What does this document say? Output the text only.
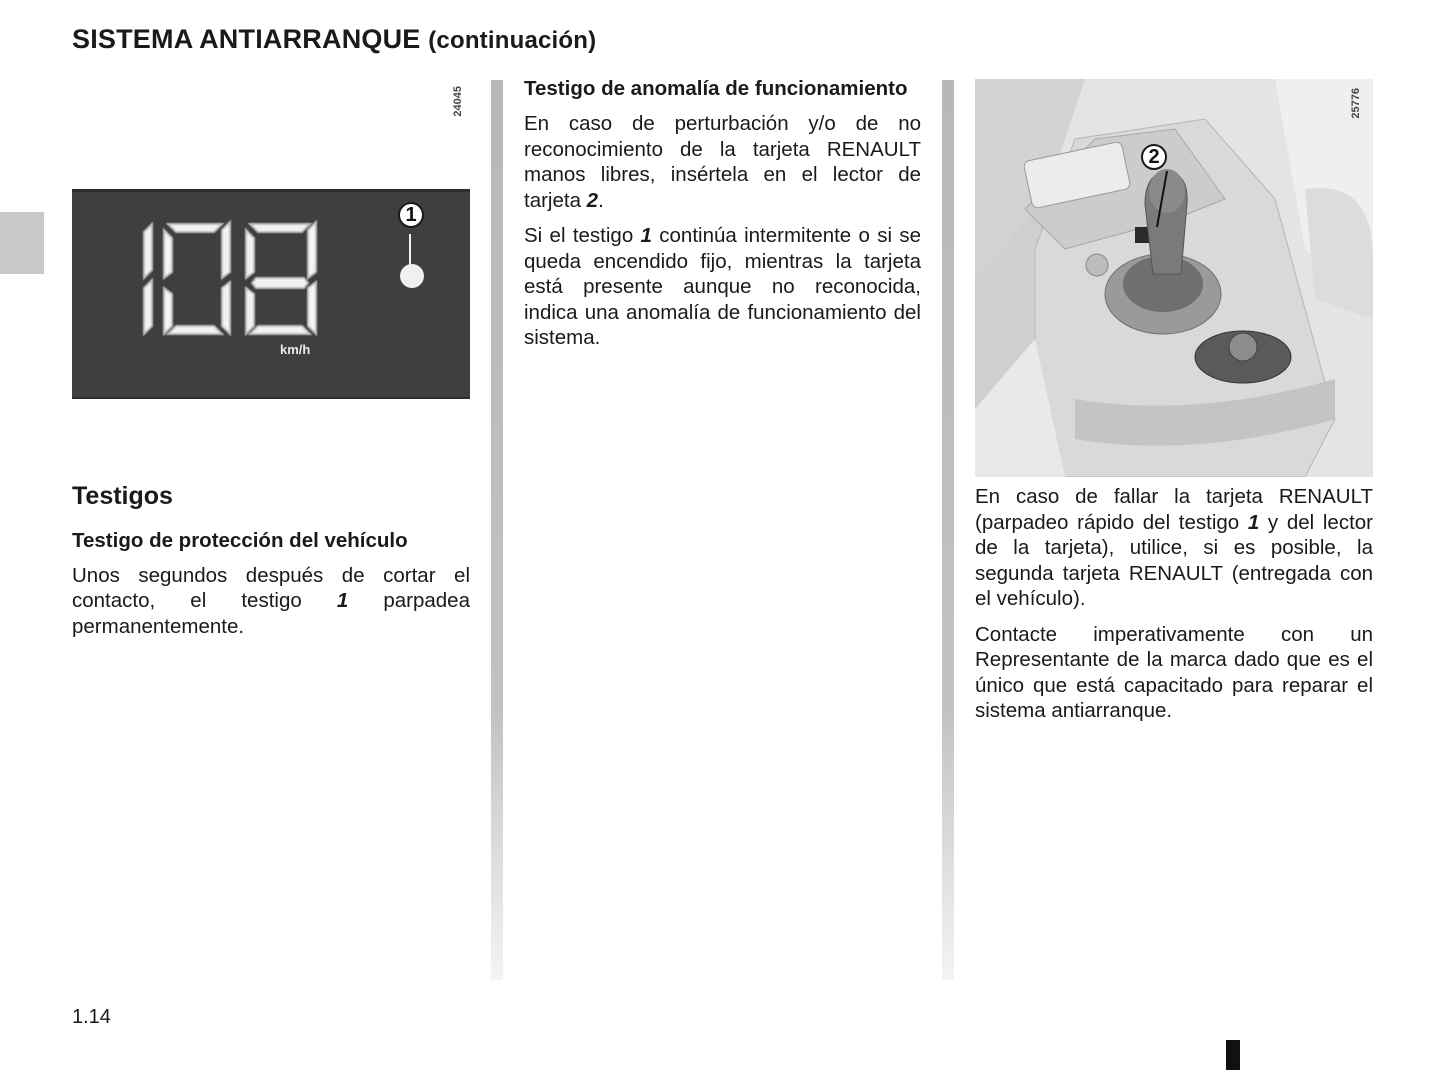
SISTEMA ANTIARRANQUE (continuación)
24045
km/h
1
Testigos
Testigo de protección del vehículo

Unos segundos después de cortar el contacto, el testigo 1 parpadea permanentemente.

Testigo de anomalía de funcionamiento

En caso de perturbación y/o de no reconocimiento de la tarjeta RENAULT manos libres, insértela en el lector de tarjeta 2.

Si el testigo 1 continúa intermitente o si se queda encendido fijo, mientras la tarjeta está presente aunque no reconocida, indica una anomalía de funcionamiento del sistema.

2
25776

En caso de fallar la tarjeta RENAULT (parpadeo rápido del testigo 1 y del lector de la tarjeta), utilice, si es posible, la segunda tarjeta RENAULT (entregada con el vehículo).

Contacte imperativamente con un Representante de la marca dado que es el único que está capacitado para reparar el sistema antiarranque.

1.14
